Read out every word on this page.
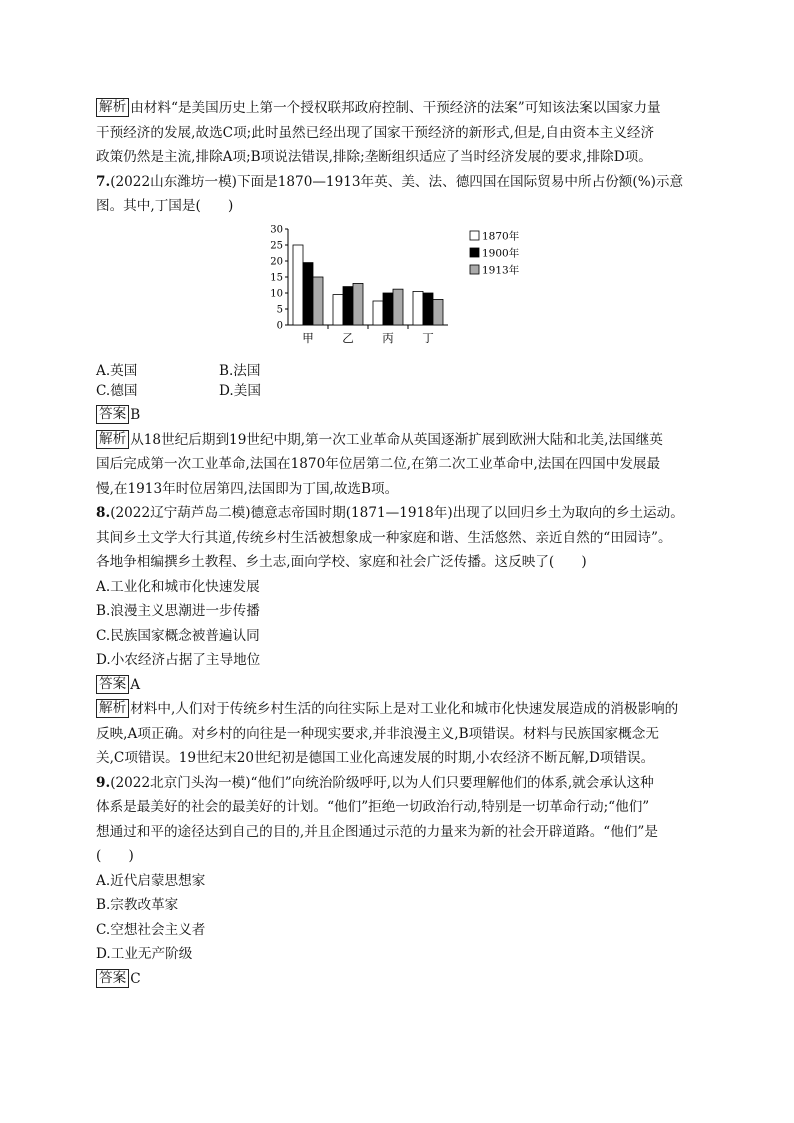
解析 由材料“是美国历史上第一个授权联邦政府控制、干预经济的法案”可知该法案以国家力量
干预经济的发展,故选C项;此时虽然已经出现了国家干预经济的新形式,但是,自由资本主义经济
政策仍然是主流,排除A项;B项说法错误,排除;垄断组织适应了当时经济发展的要求,排除D项。
7.(2022山东潍坊一模)下面是1870—1913年英、美、法、德四国在国际贸易中所占份额(%)示意
图。其中,丁国是(　　)
0
5
10
15
20
25
30
甲 乙 丙 丁
1870年
1900年
1913年
A.英国	B.法国
C.德国	D.美国
答案 B
解析 从18世纪后期到19世纪中期,第一次工业革命从英国逐渐扩展到欧洲大陆和北美,法国继英
国后完成第一次工业革命,法国在1870年位居第二位,在第二次工业革命中,法国在四国中发展最
慢,在1913年时位居第四,法国即为丁国,故选B项。
8.(2022辽宁葫芦岛二模)德意志帝国时期(1871—1918年)出现了以回归乡土为取向的乡土运动。
其间乡土文学大行其道,传统乡村生活被想象成一种家庭和谐、生活悠然、亲近自然的“田园诗”。
各地争相编撰乡土教程、乡土志,面向学校、家庭和社会广泛传播。这反映了(　　)
A.工业化和城市化快速发展
B.浪漫主义思潮进一步传播
C.民族国家概念被普遍认同
D.小农经济占据了主导地位
答案 A
解析 材料中,人们对于传统乡村生活的向往实际上是对工业化和城市化快速发展造成的消极影响的
反映,A项正确。对乡村的向往是一种现实要求,并非浪漫主义,B项错误。材料与民族国家概念无
关,C项错误。19世纪末20世纪初是德国工业化高速发展的时期,小农经济不断瓦解,D项错误。
9.(2022北京门头沟一模)“他们”向统治阶级呼吁,以为人们只要理解他们的体系,就会承认这种
体系是最美好的社会的最美好的计划。“他们”拒绝一切政治行动,特别是一切革命行动;“他们”
想通过和平的途径达到自己的目的,并且企图通过示范的力量来为新的社会开辟道路。“他们”是
(　　)
A.近代启蒙思想家
B.宗教改革家
C.空想社会主义者
D.工业无产阶级
答案 C
